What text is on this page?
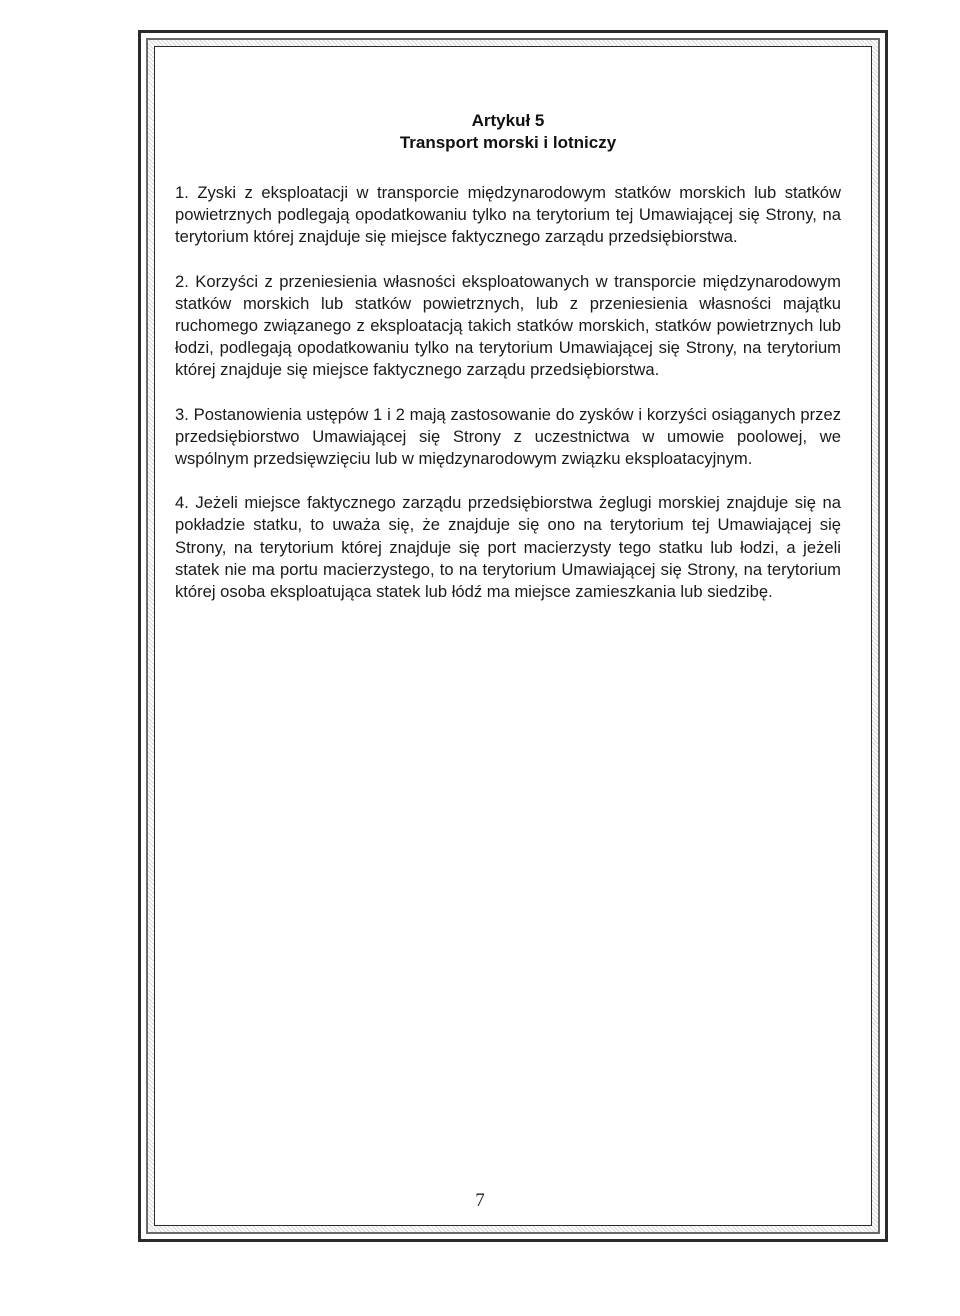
Artykuł 5

Transport morski i lotniczy

1. Zyski z eksploatacji w transporcie międzynarodowym statków morskich lub statków powietrznych podlegają opodatkowaniu tylko na terytorium tej Umawiającej się Strony, na terytorium której znajduje się miejsce faktycznego zarządu przedsiębiorstwa.

2. Korzyści z przeniesienia własności eksploatowanych w transporcie międzynarodowym statków morskich lub statków powietrznych, lub z przeniesienia własności majątku ruchomego związanego z eksploatacją takich statków morskich, statków powietrznych lub łodzi, podlegają opodatkowaniu tylko na terytorium Umawiającej się Strony, na terytorium której znajduje się miejsce faktycznego zarządu przedsiębiorstwa.

3. Postanowienia ustępów 1 i 2 mają zastosowanie do zysków i korzyści osiąganych przez przedsiębiorstwo Umawiającej się Strony z uczestnictwa w umowie poolowej, we wspólnym przedsięwzięciu lub w międzynarodowym związku eksploatacyjnym.

4. Jeżeli miejsce faktycznego zarządu przedsiębiorstwa żeglugi morskiej znajduje się na pokładzie statku, to uważa się, że znajduje się ono na terytorium tej Umawiającej się Strony, na terytorium której znajduje się port macierzysty tego statku lub łodzi, a jeżeli statek nie ma portu macierzystego, to na terytorium Umawiającej się Strony, na terytorium której osoba eksploatująca statek lub łódź ma miejsce zamieszkania lub siedzibę.

7
